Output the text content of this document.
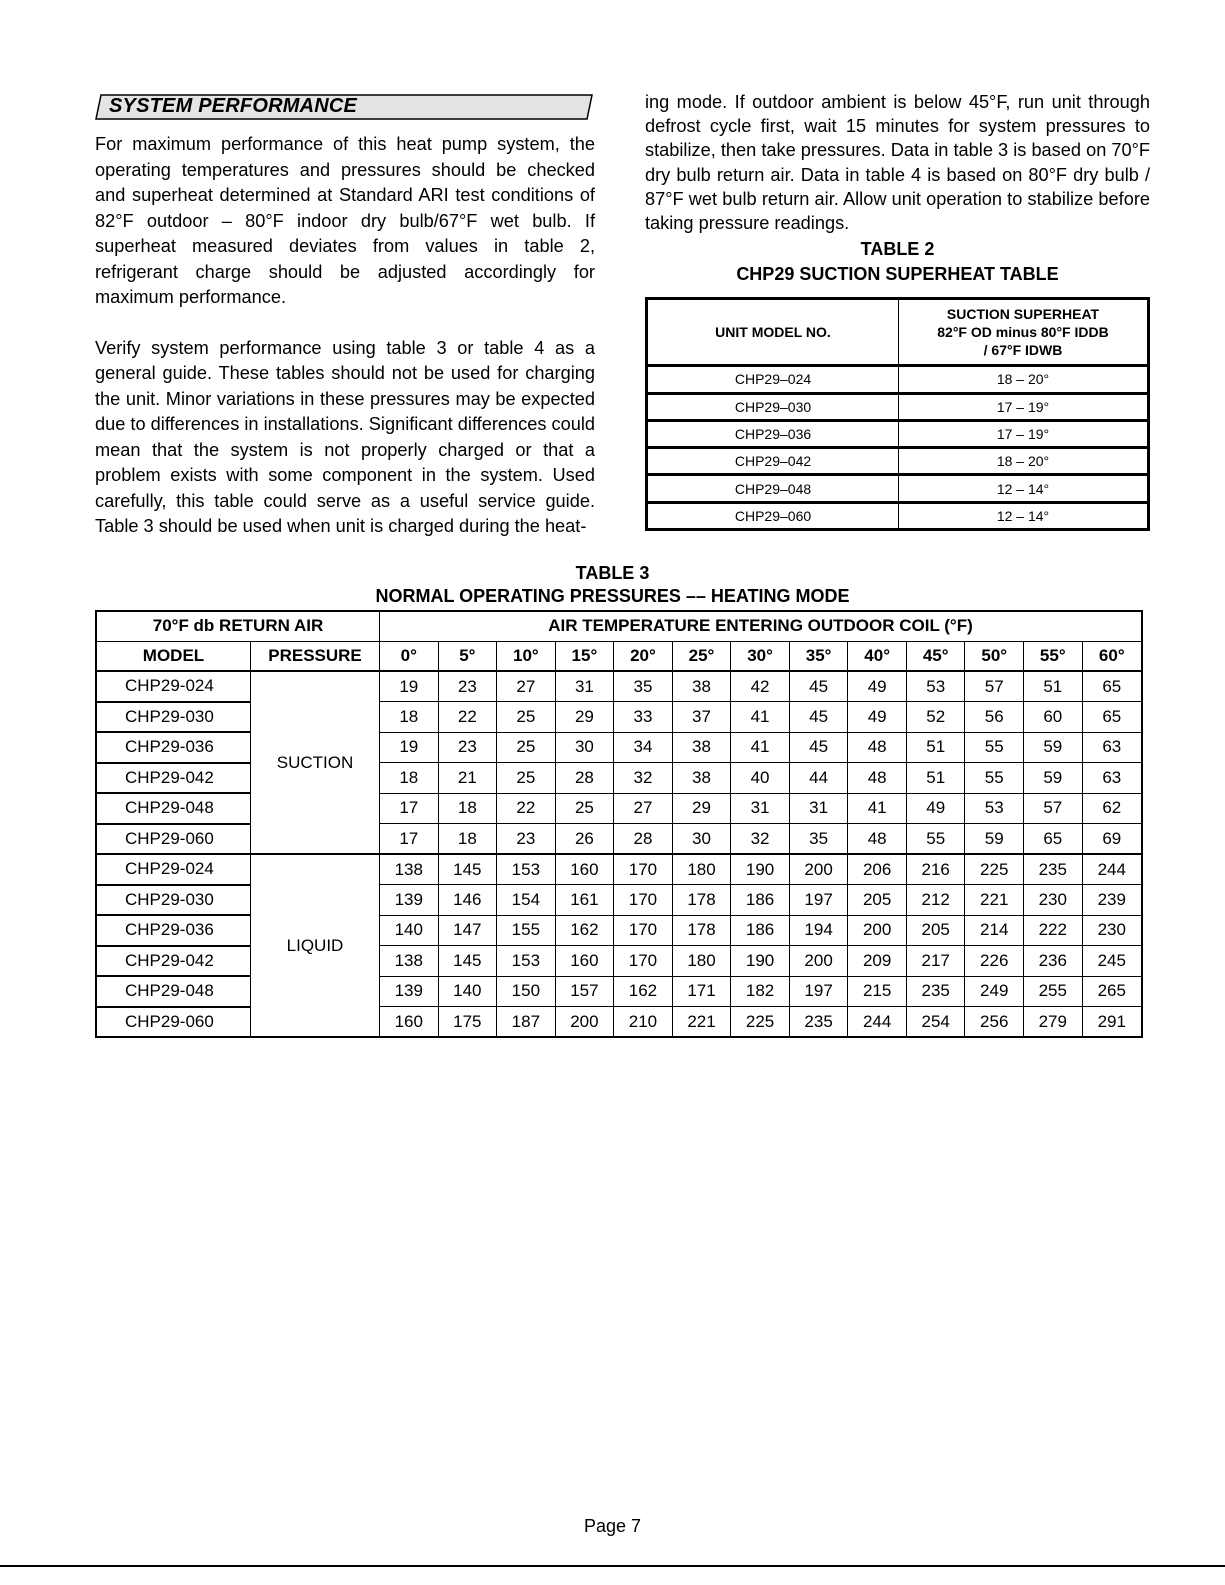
SYSTEM PERFORMANCE

For maximum performance of this heat pump system, the operating temperatures and pressures should be checked and superheat determined at Standard ARI test conditions of 82°F outdoor – 80°F indoor dry bulb/67°F wet bulb. If superheat measured deviates from values in table 2, refrigerant charge should be adjusted accordingly for maximum performance.

Verify system performance using table 3 or table 4 as a general guide. These tables should not be used for charging the unit. Minor variations in these pressures may be expected due to differences in installations. Significant differences could mean that the system is not properly charged or that a problem exists with some component in the system. Used carefully, this table could serve as a useful service guide. Table 3 should be used when unit is charged during the heat-

ing mode. If outdoor ambient is below 45°F, run unit through defrost cycle first, wait 15 minutes for system pressures to stabilize, then take pressures. Data in table 3 is based on 70°F dry bulb return air. Data in table 4 is based on 80°F dry bulb / 87°F wet bulb return air. Allow unit operation to stabilize before taking pressure readings.

TABLE 2
CHP29 SUCTION SUPERHEAT TABLE
UNIT MODEL NO.	SUCTION SUPERHEAT
82°F OD minus 80°F IDDB
/ 67°F IDWB

CHP29–024	18 – 20°
CHP29–030	17 – 19°
CHP29–036	17 – 19°
CHP29–042	18 – 20°
CHP29–048	12 – 14°
CHP29–060	12 – 14°
TABLE 3
NORMAL OPERATING PRESSURES –– HEATING MODE
70°F db RETURN AIR		AIR TEMPERATURE ENTERING OUTDOOR COIL (°F)												
MODEL	PRESSURE	0°	5°	10°	15°	20°	25°	30°	35°	40°	45°	50°	55°	60°
CHP29-024	SUCTION	19	23	27	31	35	38	42	45	49	53	57	51	65
CHP29-030		18	22	25	29	33	37	41	45	49	52	56	60	65
CHP29-036		19	23	25	30	34	38	41	45	48	51	55	59	63
CHP29-042		18	21	25	28	32	38	40	44	48	51	55	59	63
CHP29-048		17	18	22	25	27	29	31	31	41	49	53	57	62
CHP29-060		17	18	23	26	28	30	32	35	48	55	59	65	69
CHP29-024	LIQUID	138	145	153	160	170	180	190	200	206	216	225	235	244
CHP29-030		139	146	154	161	170	178	186	197	205	212	221	230	239
CHP29-036		140	147	155	162	170	178	186	194	200	205	214	222	230
CHP29-042		138	145	153	160	170	180	190	200	209	217	226	236	245
CHP29-048		139	140	150	157	162	171	182	197	215	235	249	255	265
CHP29-060		160	175	187	200	210	221	225	235	244	254	256	279	291
Page 7
